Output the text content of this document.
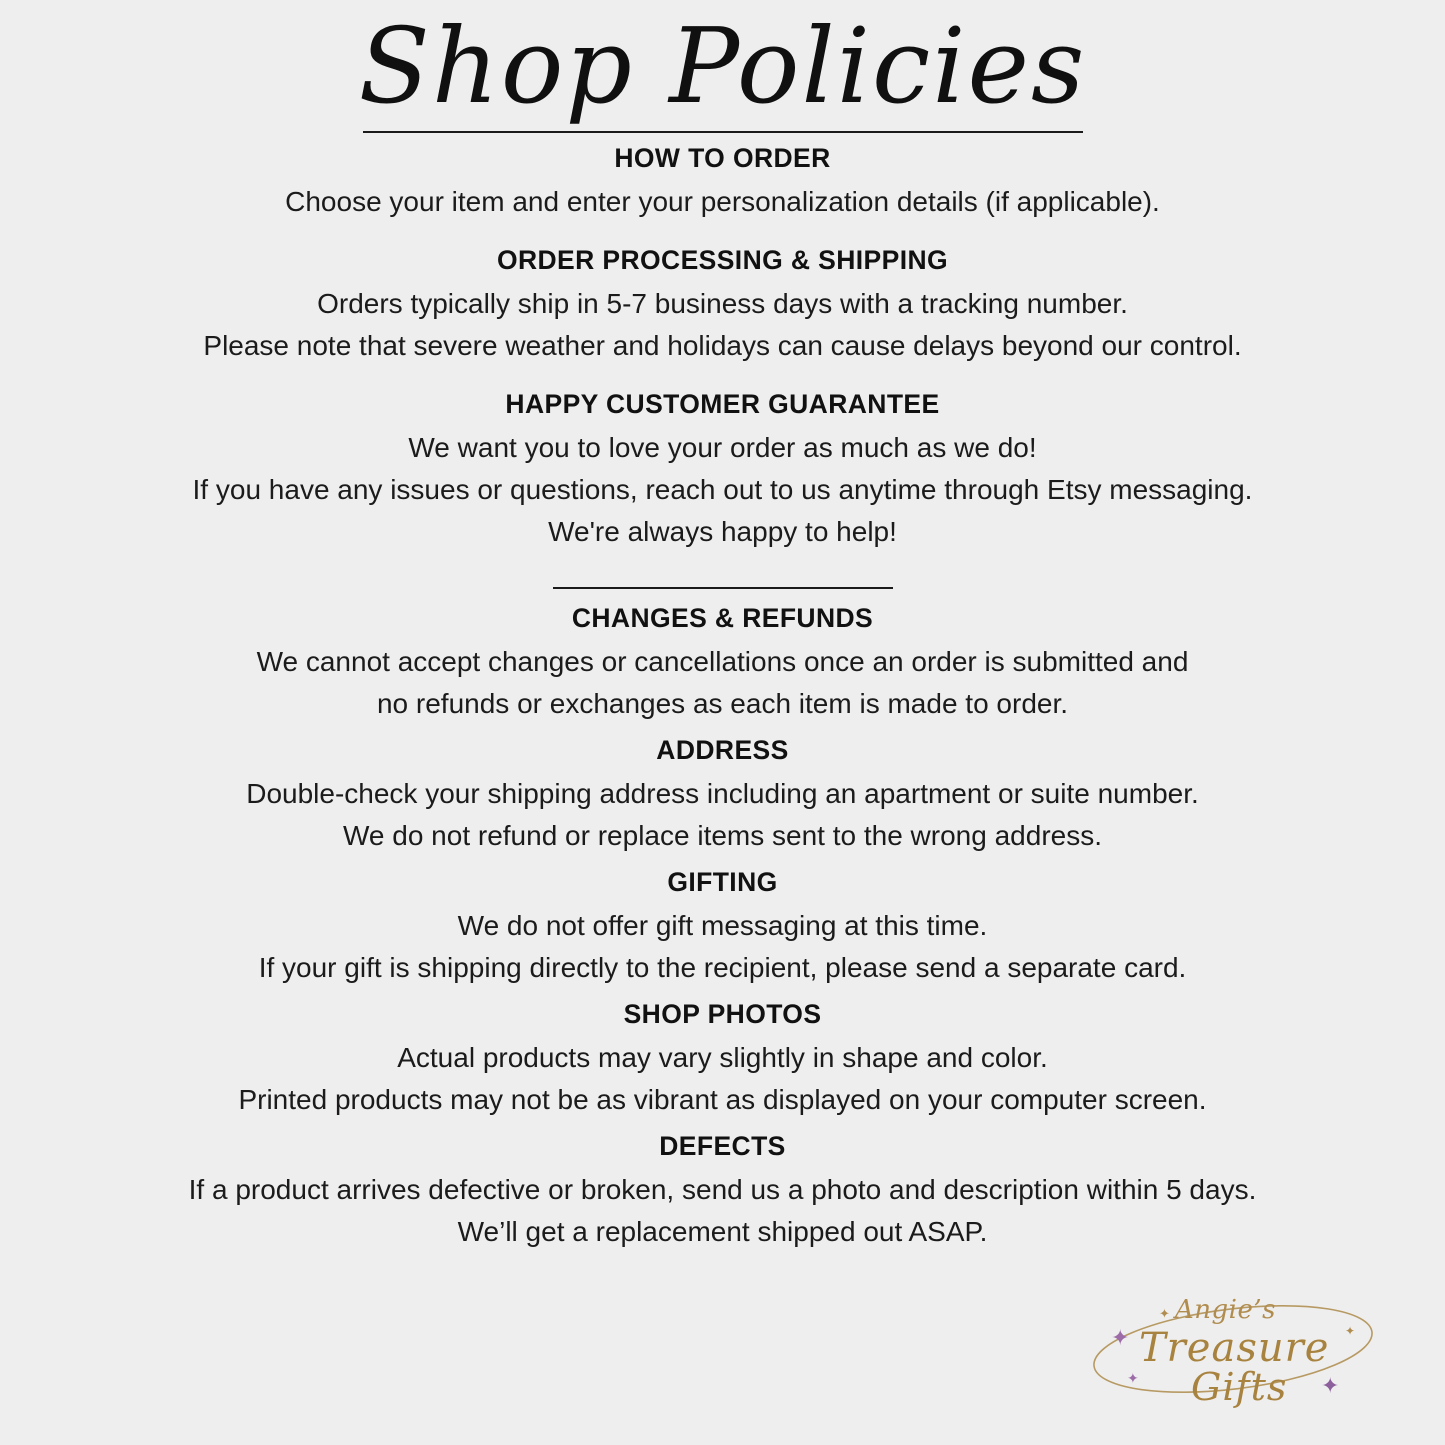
Shop Policies
HOW TO ORDER

Choose your item and enter your personalization details (if applicable).

ORDER PROCESSING & SHIPPING

Orders typically ship in 5-7 business days with a tracking number.

Please note that severe weather and holidays can cause delays beyond our control.

HAPPY CUSTOMER GUARANTEE

We want you to love your order as much as we do!

If you have any issues or questions, reach out to us anytime through Etsy messaging.

We're always happy to help!

CHANGES & REFUNDS

We cannot accept changes or cancellations once an order is submitted and

no refunds or exchanges as each item is made to order.

ADDRESS

Double-check your shipping address including an apartment or suite number.

We do not refund or replace items sent to the wrong address.

GIFTING

We do not offer gift messaging at this time.

If your gift is shipping directly to the recipient, please send a separate card.

SHOP PHOTOS

Actual products may vary slightly in shape and color.

Printed products may not be as vibrant as displayed on your computer screen.

DEFECTS

If a product arrives defective or broken, send us a photo and description within 5 days.

We’ll get a replacement shipped out ASAP.

Angie’s
Treasure
Gifts
✦
✦	✦
✦
✦
